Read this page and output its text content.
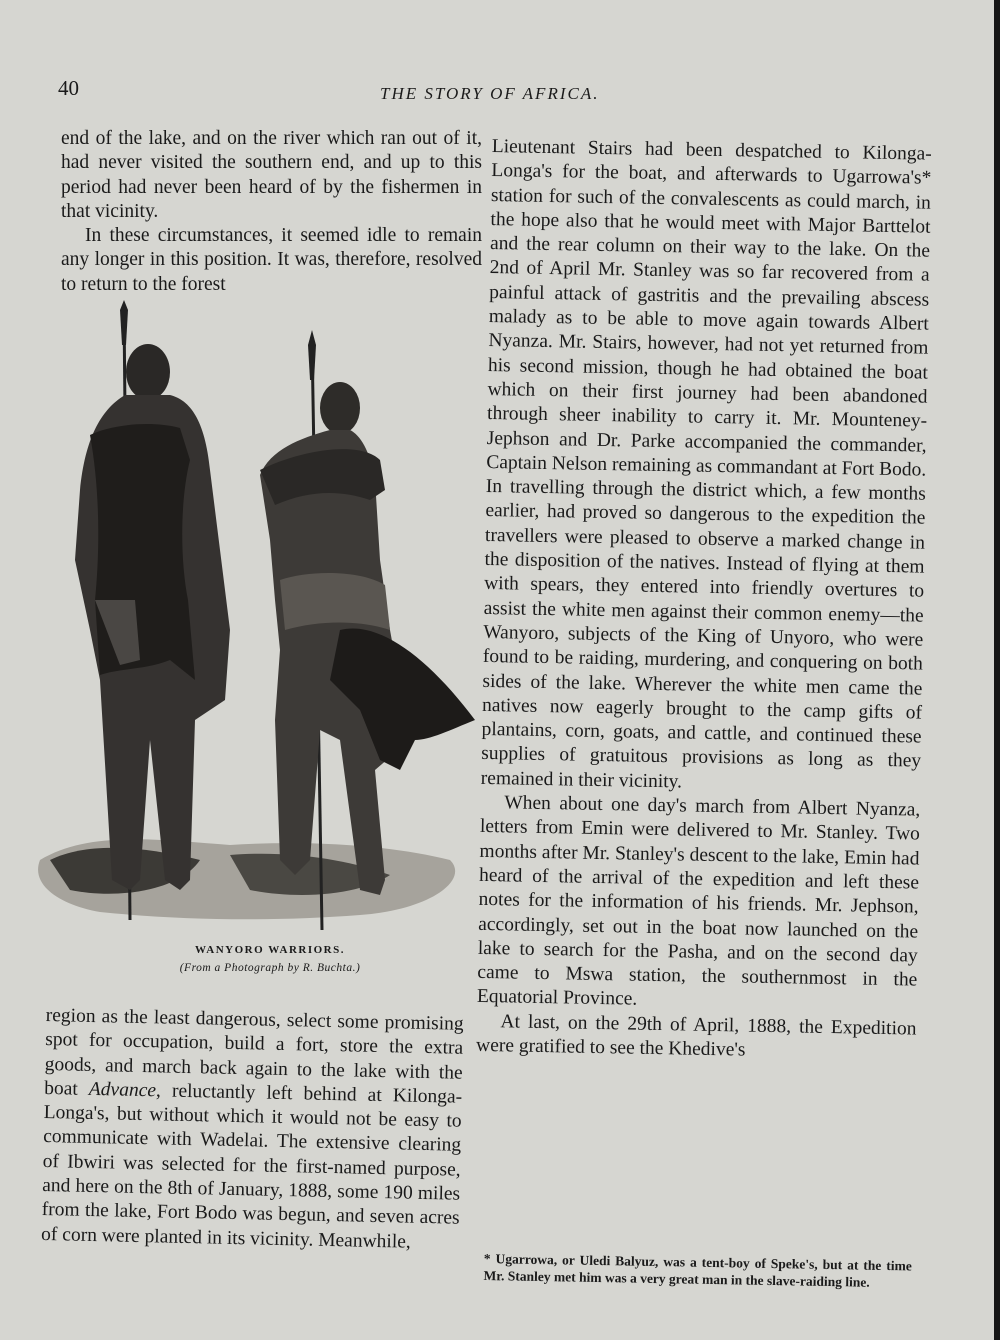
40	THE STORY OF AFRICA.

end of the lake, and on the river which ran out of it, had never visited the southern end, and up to this period had never been heard of by the fishermen in that vicinity.

In these circumstances, it seemed idle to remain any longer in this position. It was, therefore, resolved to return to the forest

WANYORO WARRIORS.
(From a Photograph by R. Buchta.)

region as the least dangerous, select some promising spot for occupation, build a fort, store the extra goods, and march back again to the lake with the boat Advance, reluctantly left behind at Kilonga-Longa's, but without which it would not be easy to communicate with Wadelai. The extensive clearing of Ibwiri was selected for the first-named purpose, and here on the 8th of January, 1888, some 190 miles from the lake, Fort Bodo was begun, and seven acres of corn were planted in its vicinity. Meanwhile,

Lieutenant Stairs had been despatched to Kilonga-Longa's for the boat, and afterwards to Ugarrowa's* station for such of the convalescents as could march, in the hope also that he would meet with Major Barttelot and the rear column on their way to the lake. On the 2nd of April Mr. Stanley was so far recovered from a painful attack of gastritis and the prevailing abscess malady as to be able to move again towards Albert Nyanza. Mr. Stairs, however, had not yet returned from his second mission, though he had obtained the boat which on their first journey had been abandoned through sheer inability to carry it. Mr. Mounteney-Jephson and Dr. Parke accompanied the commander, Captain Nelson remaining as commandant at Fort Bodo. In travelling through the district which, a few months earlier, had proved so dangerous to the expedition the travellers were pleased to observe a marked change in the disposition of the natives. Instead of flying at them with spears, they entered into friendly overtures to assist the white men against their common enemy—the Wanyoro, subjects of the King of Unyoro, who were found to be raiding, murdering, and conquering on both sides of the lake. Wherever the white men came the natives now eagerly brought to the camp gifts of plantains, corn, goats, and cattle, and continued these supplies of gratuitous provisions as long as they remained in their vicinity.

When about one day's march from Albert Nyanza, letters from Emin were delivered to Mr. Stanley. Two months after Mr. Stanley's descent to the lake, Emin had heard of the arrival of the expedition and left these notes for the information of his friends. Mr. Jephson, accordingly, set out in the boat now launched on the lake to search for the Pasha, and on the second day came to Mswa station, the southernmost in the Equatorial Province.

At last, on the 29th of April, 1888, the Expedition were gratified to see the Khedive's

* Ugarrowa, or Uledi Balyuz, was a tent-boy of Speke's, but at the time Mr. Stanley met him was a very great man in the slave-raiding line.
